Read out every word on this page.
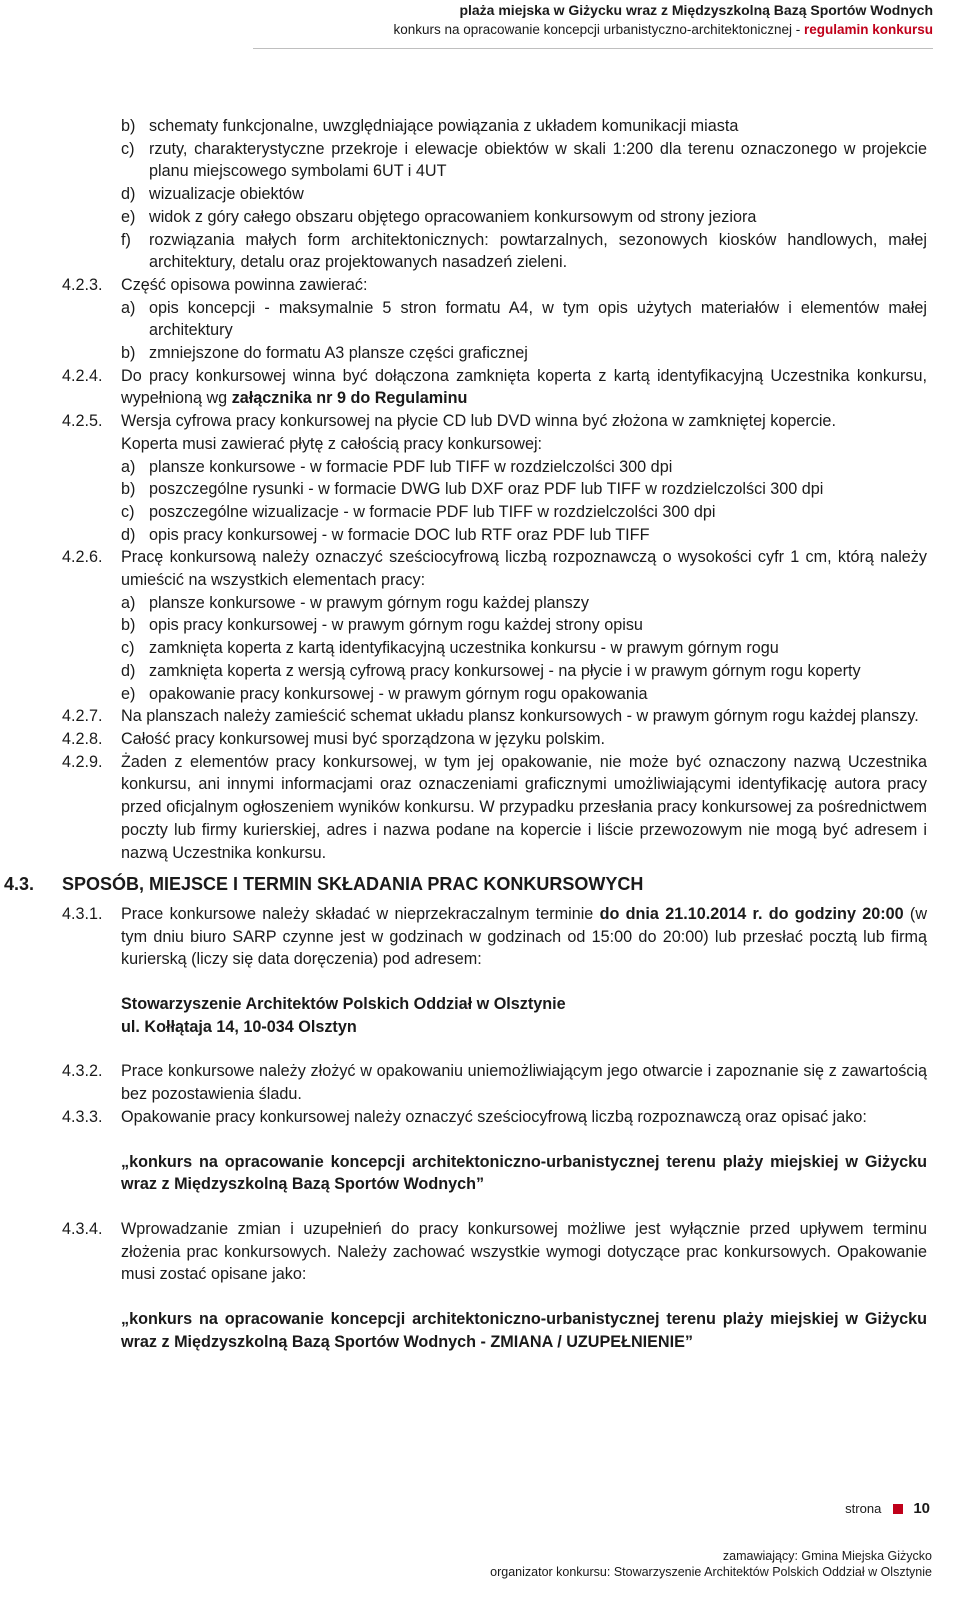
plaża miejska w Giżycku wraz z Międzyszkolną Bazą Sportów Wodnych
konkurs na opracowanie koncepcji urbanistyczno-architektonicznej - regulamin konkursu
b) schematy funkcjonalne, uwzględniające powiązania z układem komunikacji miasta
c) rzuty, charakterystyczne przekroje i elewacje obiektów w skali 1:200 dla terenu oznaczonego w projekcie planu miejscowego symbolami 6UT i 4UT
d) wizualizacje obiektów
e) widok z góry całego obszaru objętego opracowaniem konkursowym od strony jeziora
f) rozwiązania małych form architektonicznych: powtarzalnych, sezonowych kiosków handlowych, małej architektury, detalu oraz projektowanych nasadzeń zieleni.
4.2.3. Część opisowa powinna zawierać:
a) opis koncepcji - maksymalnie 5 stron formatu A4, w tym opis użytych materiałów i elementów małej architektury
b) zmniejszone do formatu A3 plansze części graficznej
4.2.4. Do pracy konkursowej winna być dołączona zamknięta koperta z kartą identyfikacyjną Uczestnika konkursu, wypełnioną wg załącznika nr 9 do Regulaminu
4.2.5. Wersja cyfrowa pracy konkursowej na płycie CD lub DVD winna być złożona w zamkniętej kopercie.
Koperta musi zawierać płytę z całością pracy konkursowej:
a) plansze konkursowe - w formacie PDF lub TIFF w rozdzielczolści 300 dpi
b) poszczególne rysunki - w formacie DWG lub DXF oraz PDF lub TIFF w rozdzielczolści 300 dpi
c) poszczególne wizualizacje - w formacie PDF lub TIFF w rozdzielczolści 300 dpi
d) opis pracy konkursowej - w formacie DOC lub RTF oraz PDF lub TIFF
4.2.6. Pracę konkursową należy oznaczyć sześciocyfrową liczbą rozpoznawczą o wysokości cyfr 1 cm, którą należy umieścić na wszystkich elementach pracy:
a) plansze konkursowe - w prawym górnym rogu każdej planszy
b) opis pracy konkursowej - w prawym górnym rogu każdej strony opisu
c) zamknięta koperta z kartą identyfikacyjną uczestnika konkursu - w prawym górnym rogu
d) zamknięta koperta z wersją cyfrową pracy konkursowej - na płycie i w prawym górnym rogu koperty
e) opakowanie pracy konkursowej - w prawym górnym rogu opakowania
4.2.7. Na planszach należy zamieścić schemat układu plansz konkursowych - w prawym górnym rogu każdej planszy.
4.2.8. Całość pracy konkursowej musi być sporządzona w języku polskim.
4.2.9. Żaden z elementów pracy konkursowej, w tym jej opakowanie, nie może być oznaczony nazwą Uczestnika konkursu, ani innymi informacjami oraz oznaczeniami graficznymi umożliwiającymi identyfikację autora pracy przed oficjalnym ogłoszeniem wyników konkursu. W przypadku przesłania pracy konkursowej za pośrednictwem poczty lub firmy kurierskiej, adres i nazwa podane na kopercie i liście przewozowym nie mogą być adresem i nazwą Uczestnika konkursu.
4.3. SPOSÓB, MIEJSCE I TERMIN SKŁADANIA PRAC KONKURSOWYCH
4.3.1. Prace konkursowe należy składać w nieprzekraczalnym terminie do dnia 21.10.2014 r. do godziny 20:00 (w tym dniu biuro SARP czynne jest w godzinach w godzinach od 15:00 do 20:00) lub przesłać pocztą lub firmą kurierską (liczy się data doręczenia) pod adresem:
Stowarzyszenie Architektów Polskich Oddział w Olsztynie
ul. Kołłątaja 14, 10-034 Olsztyn
4.3.2. Prace konkursowe należy złożyć w opakowaniu uniemożliwiającym jego otwarcie i zapoznanie się z zawartością bez pozostawienia śladu.
4.3.3. Opakowanie pracy konkursowej należy oznaczyć sześciocyfrową liczbą rozpoznawczą oraz opisać jako:
„konkurs na opracowanie koncepcji architektoniczno-urbanistycznej terenu plaży miejskiej w Giżycku wraz z Międzyszkolną Bazą Sportów Wodnych”
4.3.4. Wprowadzanie zmian i uzupełnień do pracy konkursowej możliwe jest wyłącznie przed upływem terminu złożenia prac konkursowych. Należy zachować wszystkie wymogi dotyczące prac konkursowych. Opakowanie musi zostać opisane jako:
„konkurs na opracowanie koncepcji architektoniczno-urbanistycznej terenu plaży miejskiej w Giżycku wraz z Międzyszkolną Bazą Sportów Wodnych - ZMIANA / UZUPEŁNIENIE”
strona 10
zamawiający: Gmina Miejska Giżycko
organizator konkursu: Stowarzyszenie Architektów Polskich Oddział w Olsztynie
